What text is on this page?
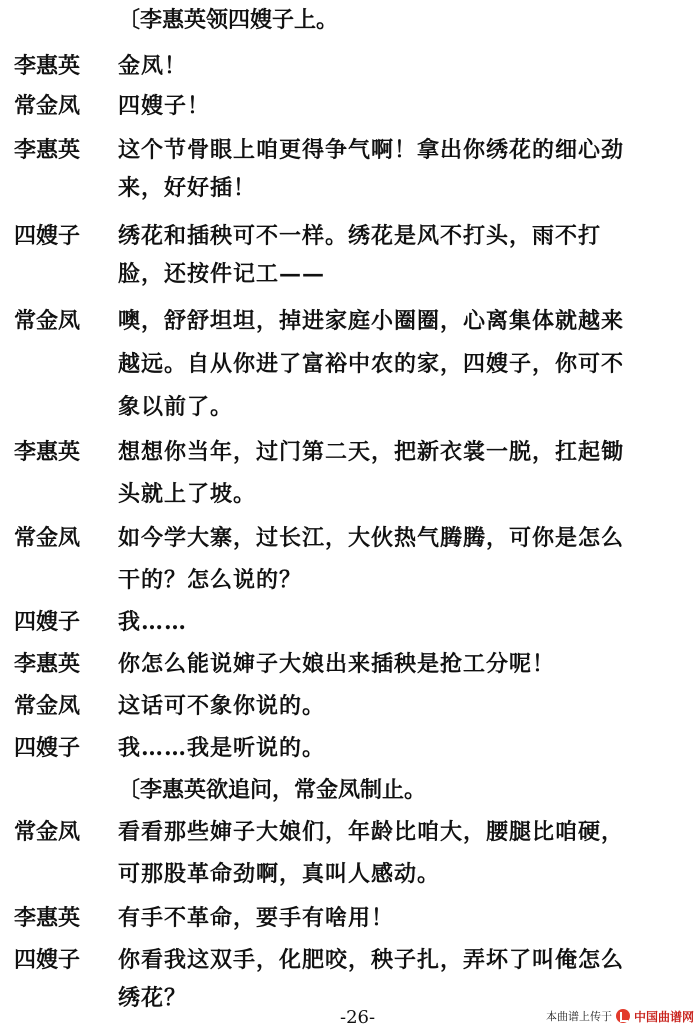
〔李惠英领四嫂子上。
李惠英	金凤！
常金凤	四嫂子！
李惠英	这个节骨眼上咱更得争气啊！拿出你绣花的细心劲
来，好好插！
四嫂子	绣花和插秧可不一样。绣花是风不打头，雨不打
脸，还按件记工——
常金凤	噢，舒舒坦坦，掉进家庭小圈圈，心离集体就越来
越远。自从你进了富裕中农的家，四嫂子，你可不
象以前了。
李惠英	想想你当年，过门第二天，把新衣裳一脱，扛起锄
头就上了坡。
常金凤	如今学大寨，过长江，大伙热气腾腾，可你是怎么
干的？怎么说的？
四嫂子	我……
李惠英	你怎么能说婶子大娘出来插秧是抢工分呢！
常金凤	这话可不象你说的。
四嫂子	我……我是听说的。
〔李惠英欲追问，常金凤制止。
常金凤	看看那些婶子大娘们，年龄比咱大，腰腿比咱硬，
可那股革命劲啊，真叫人感动。
李惠英	有手不革命，要手有啥用！
四嫂子	你看我这双手，化肥咬，秧子扎，弄坏了叫俺怎么
绣花？
-26-	本曲谱上传于 中国曲谱网
